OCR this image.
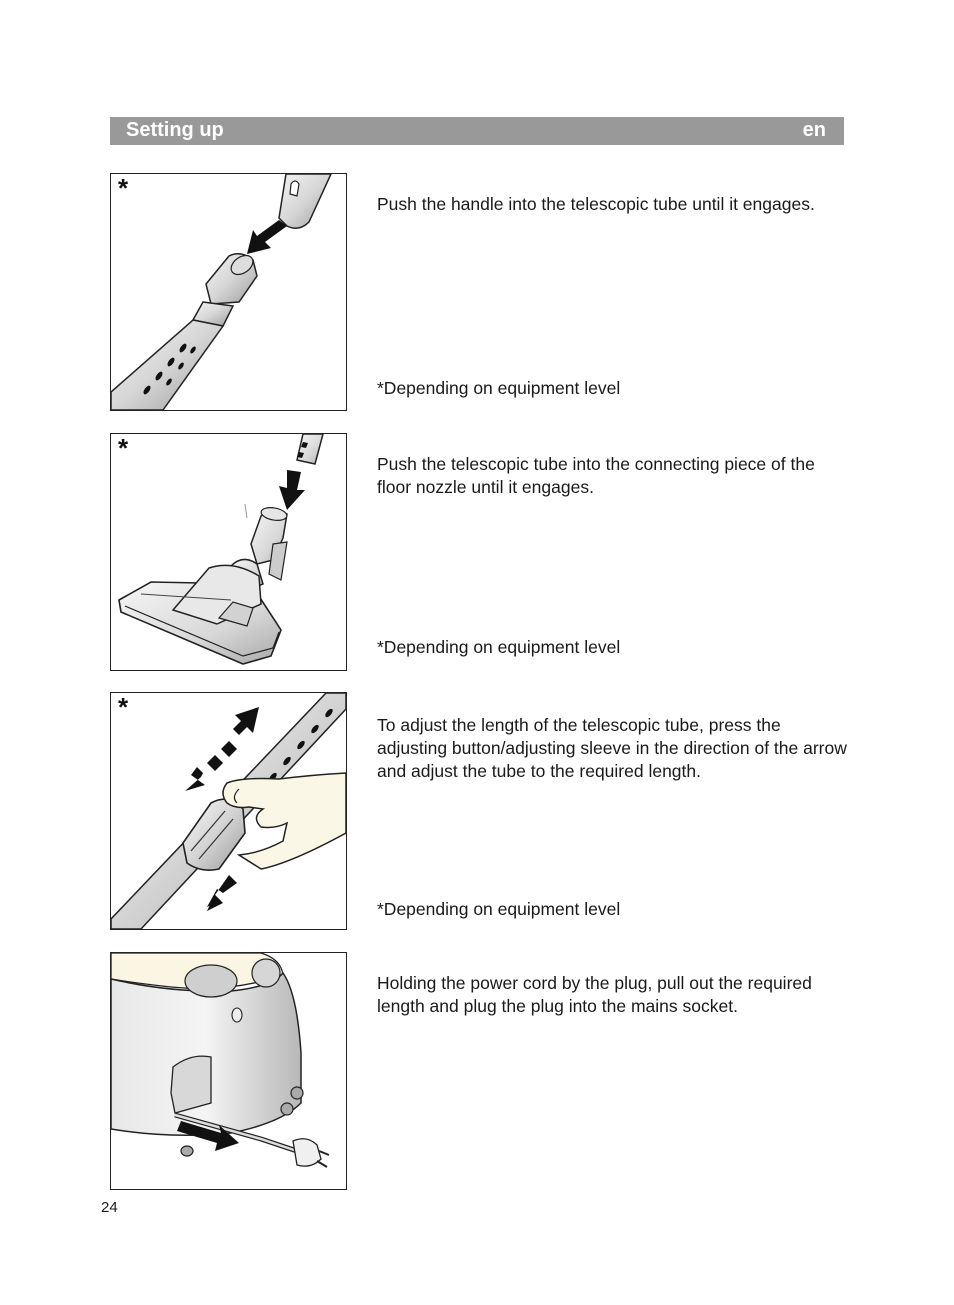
Setting up	en
*

Push the handle into the telescopic tube until it engages.

*Depending on equipment level
*

Push the telescopic tube into the connecting piece of the floor nozzle until it engages.

*Depending on equipment level
*

To adjust the length of the telescopic tube, press the adjusting button/adjusting sleeve in the direction of the arrow and adjust the tube to the required length.

*Depending on equipment level

Holding the power cord by the plug, pull out the required length and plug the plug into the mains socket.

24
